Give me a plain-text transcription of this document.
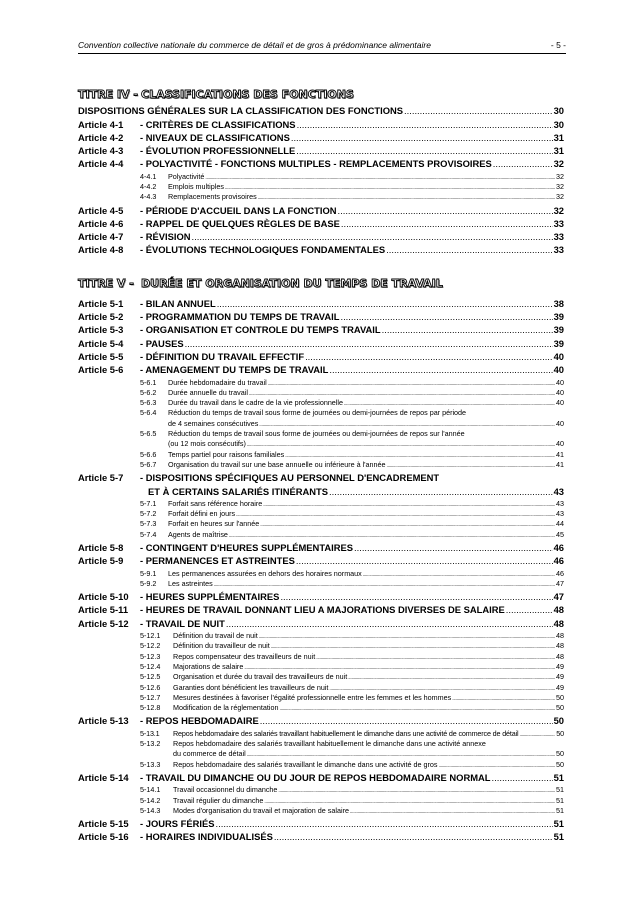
Convention collective nationale du commerce de détail et de gros à prédominance alimentaire	- 5 -
TITRE IV - CLASSIFICATIONS DES FONCTIONS
DISPOSITIONS GÉNÉRALES SUR LA CLASSIFICATION DES FONCTIONS .....	30
Article 4-1	- CRITÈRES DE CLASSIFICATIONS .....	30
Article 4-2	- NIVEAUX DE CLASSIFICATIONS .....	31
Article 4-3	- ÉVOLUTION PROFESSIONNELLE .....	31
Article 4-4	- POLYACTIVITÉ - FONCTIONS MULTIPLES - REMPLACEMENTS PROVISOIRES .....	32
4-4.1	Polyactivité .....	32
4-4.2	Emplois multiples .....	32
4-4.3	Remplacements provisoires .....	32
Article 4-5	- PÉRIODE D'ACCUEIL DANS LA FONCTION .....	32
Article 4-6	- RAPPEL DE QUELQUES RÈGLES DE BASE .....	33
Article 4-7	- RÉVISION .....	33
Article 4-8	- ÉVOLUTIONS TECHNOLOGIQUES FONDAMENTALES .....	33
TITRE V - DURÉE ET ORGANISATION DU TEMPS DE TRAVAIL
Article 5-1	- BILAN ANNUEL .....	38
Article 5-2	- PROGRAMMATION DU TEMPS DE TRAVAIL .....	39
Article 5-3	- ORGANISATION ET CONTROLE DU TEMPS TRAVAIL .....	39
Article 5-4	- PAUSES .....	39
Article 5-5	- DÉFINITION DU TRAVAIL EFFECTIF .....	40
Article 5-6	- AMENAGEMENT DU TEMPS DE TRAVAIL .....	40
5-6.1	Durée hebdomadaire du travail .....	40
5-6.2	Durée annuelle du travail .....	40
5-6.3	Durée du travail dans le cadre de la vie professionnelle .....	40
5-6.4	Réduction du temps de travail sous forme de journées ou demi-journées de repos par période
de 4 semaines consécutives .....	40
5-6.5	Réduction du temps de travail sous forme de journées ou demi-journées de repos sur l'année
(ou 12 mois consécutifs) .....	40
5-6.6	Temps partiel pour raisons familiales .....	41
5-6.7	Organisation du travail sur une base annuelle ou inférieure à l'année .....	41
Article 5-7	- DISPOSITIONS SPÉCIFIQUES AU PERSONNEL D'ENCADREMENT
ET À CERTAINS SALARIÉS ITINÉRANTS .....	43
5-7.1	Forfait sans référence horaire .....	43
5-7.2	Forfait défini en jours .....	43
5-7.3	Forfait en heures sur l'année .....	44
5-7.4	Agents de maîtrise .....	45
Article 5-8	- CONTINGENT D'HEURES SUPPLÉMENTAIRES .....	46
Article 5-9	- PERMANENCES ET ASTREINTES .....	46
5-9.1	Les permanences assurées en dehors des horaires normaux .....	46
5-9.2	Les astreintes .....	47
Article 5-10	- HEURES SUPPLÉMENTAIRES .....	47
Article 5-11	- HEURES DE TRAVAIL DONNANT LIEU A MAJORATIONS DIVERSES DE SALAIRE .....	48
Article 5-12	- TRAVAIL DE NUIT .....	48
5-12.1	Définition du travail de nuit .....	48
5-12.2	Définition du travailleur de nuit .....	48
5-12.3	Repos compensateur des travailleurs de nuit .....	48
5-12.4	Majorations de salaire .....	49
5-12.5	Organisation et durée du travail des travailleurs de nuit .....	49
5-12.6	Garanties dont bénéficient les travailleurs de nuit .....	49
5-12.7	Mesures destinées à favoriser l'égalité professionnelle entre les femmes et les hommes .....	50
5-12.8	Modification de la réglementation .....	50
Article 5-13	- REPOS HEBDOMADAIRE .....	50
5-13.1	Repos hebdomadaire des salariés travaillant habituellement le dimanche dans une activité de commerce de détail .....	50
5-13.2	Repos hebdomadaire des salariés travaillant habituellement le dimanche dans une activité annexe
du commerce de détail .....	50
5-13.3	Repos hebdomadaire des salariés travaillant le dimanche dans une activité de gros .....	50
Article 5-14	- TRAVAIL DU DIMANCHE OU DU JOUR DE REPOS HEBDOMADAIRE NORMAL .....	51
5-14.1	Travail occasionnel du dimanche .....	51
5-14.2	Travail régulier du dimanche .....	51
5-14.3	Modes d'organisation du travail et majoration de salaire .....	51
Article 5-15	- JOURS FÉRIÉS .....	51
Article 5-16	- HORAIRES INDIVIDUALISÉS .....	51
